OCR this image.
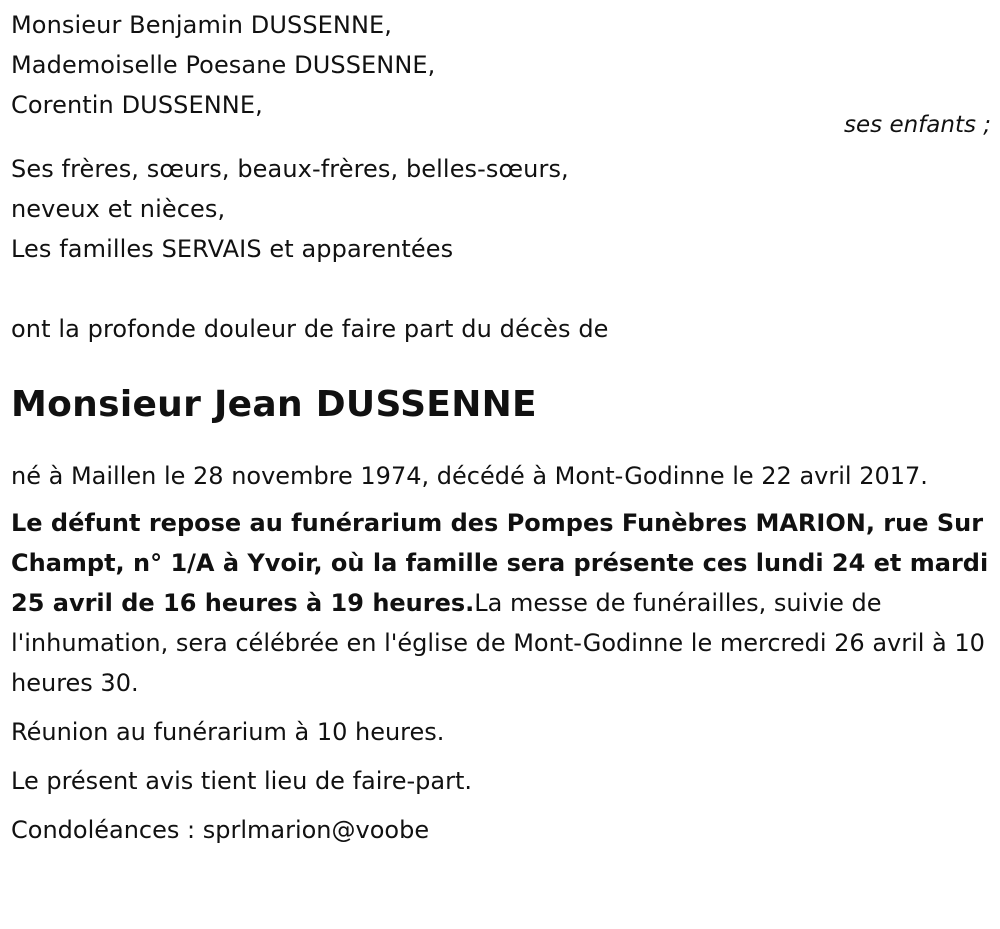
Monsieur Benjamin DUSSENNE,
Mademoiselle Poesane DUSSENNE,
Corentin DUSSENNE,
ses enfants ;
Ses frères, sœurs, beaux-frères, belles-sœurs,
neveux et nièces,
Les familles SERVAIS et apparentées
ont la profonde douleur de faire part du décès de
Monsieur Jean DUSSENNE
né à Maillen le 28 novembre 1974, décédé à Mont-Godinne le 22 avril 2017.
Le défunt repose au funérarium des Pompes Funèbres MARION, rue Sur Champt, n° 1/A à Yvoir, où la famille sera présente ces lundi 24 et mardi 25 avril de 16 heures à 19 heures.La messe de funérailles, suivie de l'inhumation, sera célébrée en l'église de Mont-Godinne le mercredi 26 avril à 10 heures 30.
Réunion au funérarium à 10 heures.
Le présent avis tient lieu de faire-part.
Condoléances : sprlmarion@voobe
